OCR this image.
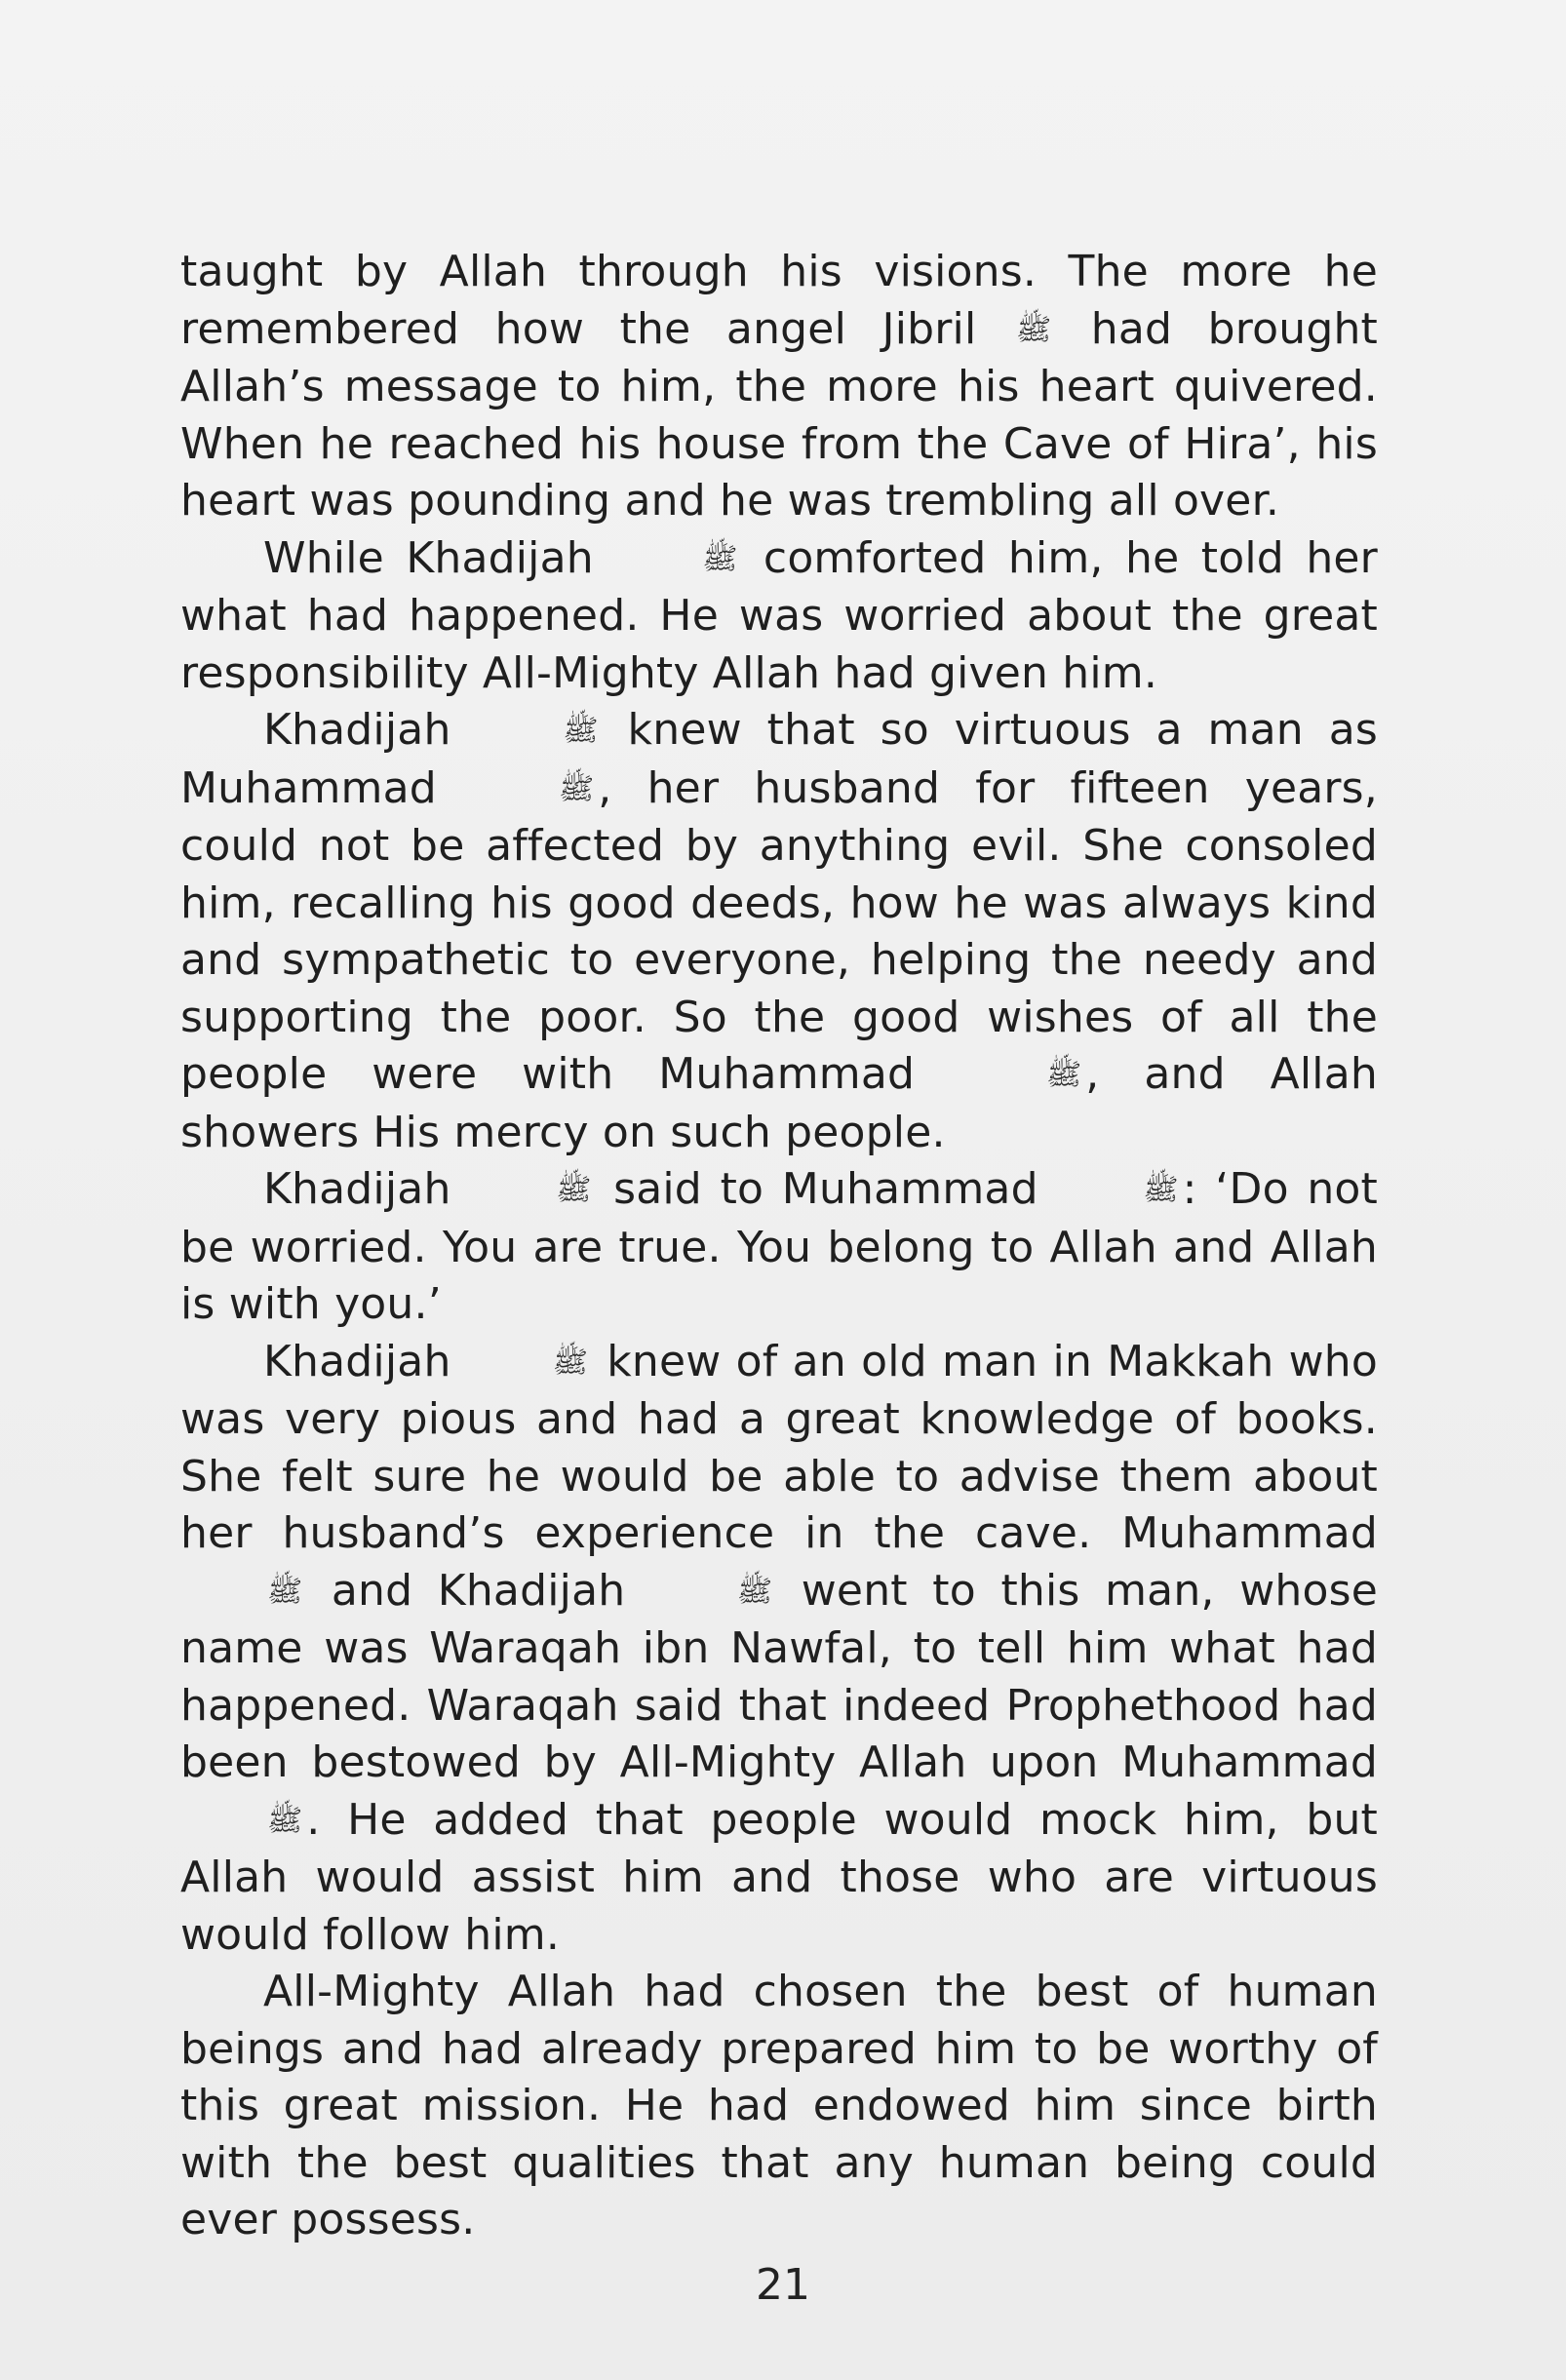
taught by Allah through his visions. The more he remembered how the angel Jibril ﷺ had brought Allah’s message to him, the more his heart quivered. When he reached his house from the Cave of Hira’, his heart was pounding and he was trembling all over.

While Khadijah	ﷺ comforted him, he told her what had happened. He was worried about the great responsibility All-Mighty Allah had given him.

Khadijah	ﷺ knew that so virtuous a man as Muhammad	ﷺ, her husband for fifteen years, could not be affected by anything evil. She consoled him, recalling his good deeds, how he was always kind and sympathetic to everyone, helping the needy and supporting the poor. So the good wishes of all the people were with Muhammad	ﷺ, and Allah showers His mercy on such people.

Khadijah	ﷺ said to Muhammad	ﷺ: ‘Do not be worried. You are true. You belong to Allah and Allah is with you.’

Khadijah	ﷺ knew of an old man in Makkah who was very pious and had a great knowledge of books. She felt sure he would be able to advise them about her husband’s experience in the cave. Muhammad ﷺ and Khadijah	ﷺ went to this man, whose name was Waraqah ibn Nawfal, to tell him what had happened. Waraqah said that indeed Prophethood had been bestowed by All-Mighty Allah upon Muhammad ﷺ. He added that people would mock him, but Allah would assist him and those who are virtuous would follow him.

All-Mighty Allah had chosen the best of human beings and had already prepared him to be worthy of this great mission. He had endowed him since birth with the best qualities that any human being could ever possess.

21
